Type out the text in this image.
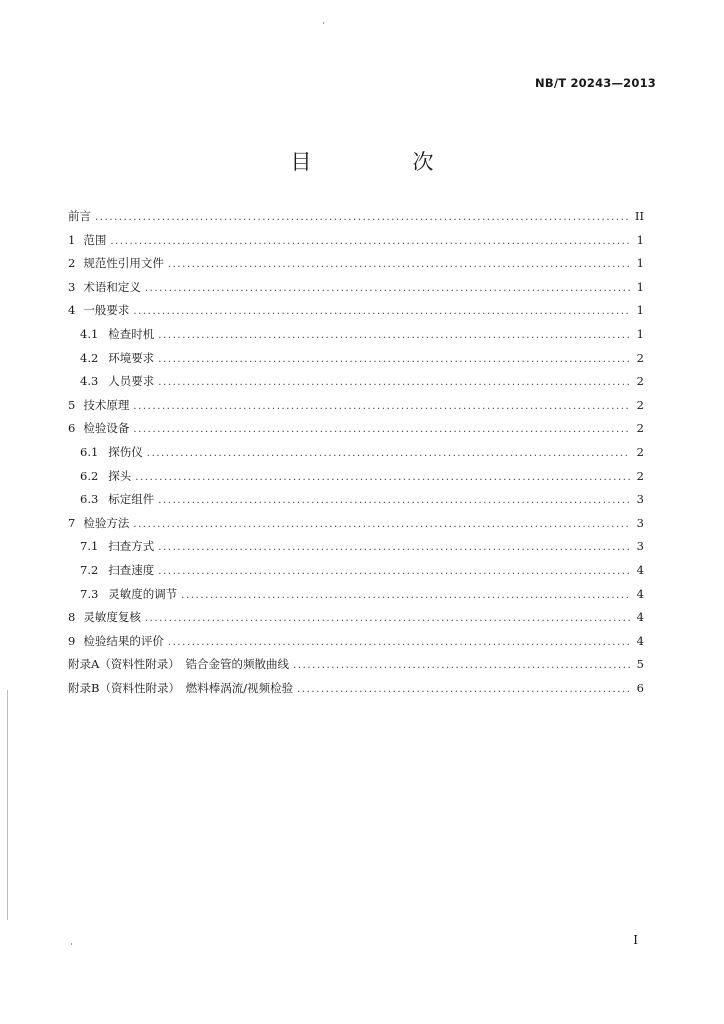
NB/T 20243—2013
目　次
前言 .....	II
1 范围 .....	1
2 规范性引用文件 .....	1
3 术语和定义 .....	1
4 一般要求 .....	1
4.1 检查时机 .....	1
4.2 环境要求 .....	2
4.3 人员要求 .....	2
5 技术原理 .....	2
6 检验设备 .....	2
6.1 探伤仪 .....	2
6.2 探头 .....	2
6.3 标定组件 .....	3
7 检验方法 .....	3
7.1 扫查方式 .....	3
7.2 扫查速度 .....	4
7.3 灵敏度的调节 .....	4
8 灵敏度复核 .....	4
9 检验结果的评价 .....	4
附录A（资料性附录）　锆合金管的频散曲线 .....	5
附录B（资料性附录）　燃料棒涡流/视频检验 .....	6
I
